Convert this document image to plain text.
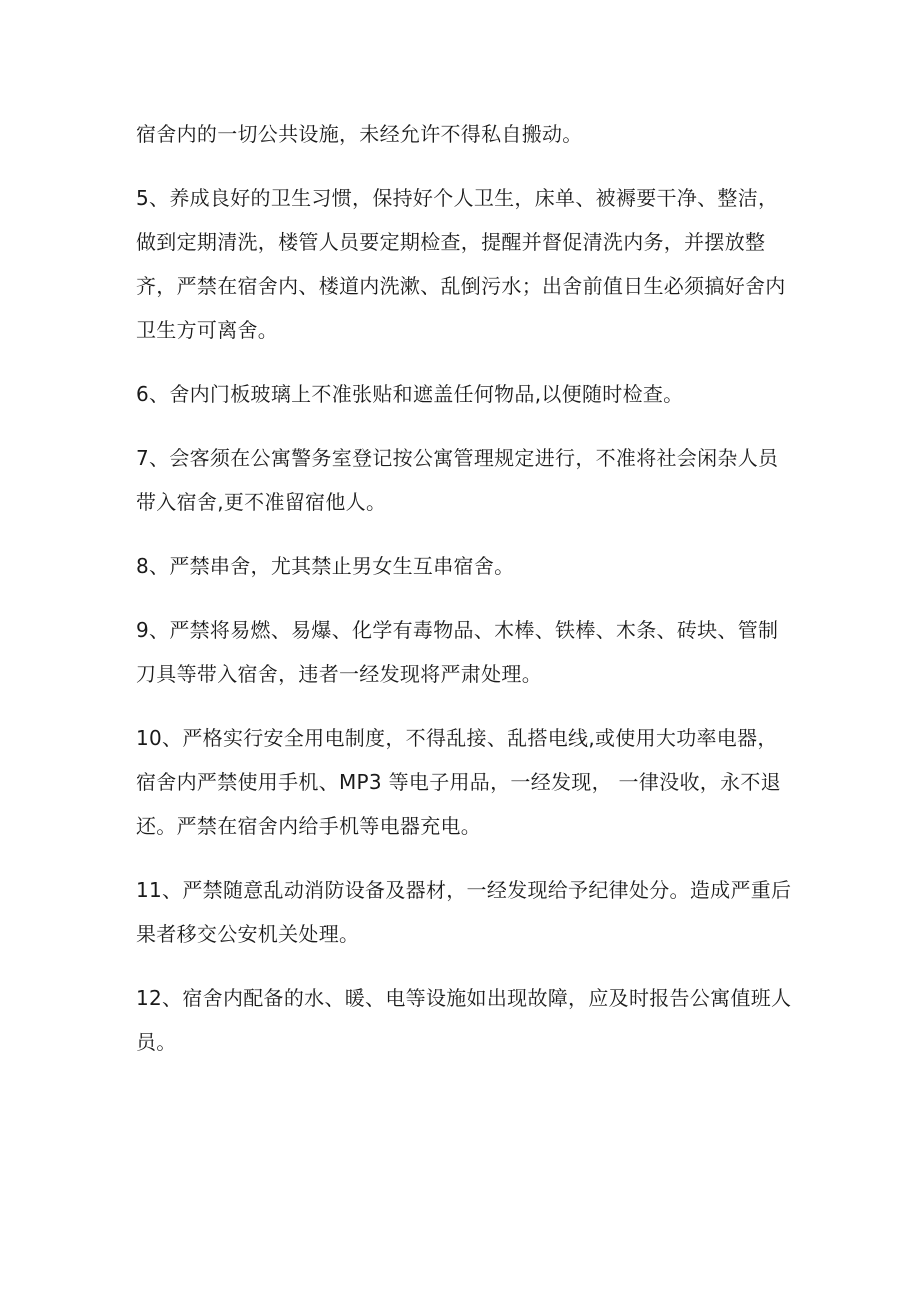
宿舍内的一切公共设施，未经允许不得私自搬动。

5、养成良好的卫生习惯，保持好个人卫生，床单、被褥要干净、整洁，
做到定期清洗，楼管人员要定期检查，提醒并督促清洗内务，并摆放整
齐，严禁在宿舍内、楼道内洗漱、乱倒污水；出舍前值日生必须搞好舍内
卫生方可离舍。

6、舍内门板玻璃上不准张贴和遮盖任何物品,以便随时检查。

7、会客须在公寓警务室登记按公寓管理规定进行，不准将社会闲杂人员
带入宿舍,更不准留宿他人。

8、严禁串舍，尤其禁止男女生互串宿舍。

9、严禁将易燃、易爆、化学有毒物品、木棒、铁棒、木条、砖块、管制
刀具等带入宿舍，违者一经发现将严肃处理。

10、严格实行安全用电制度，不得乱接、乱搭电线,或使用大功率电器，
宿舍内严禁使用手机、MP3 等电子用品，一经发现， 一律没收，永不退
还。严禁在宿舍内给手机等电器充电。

11、严禁随意乱动消防设备及器材，一经发现给予纪律处分。造成严重后
果者移交公安机关处理。

12、宿舍内配备的水、暖、电等设施如出现故障，应及时报告公寓值班人
员。
